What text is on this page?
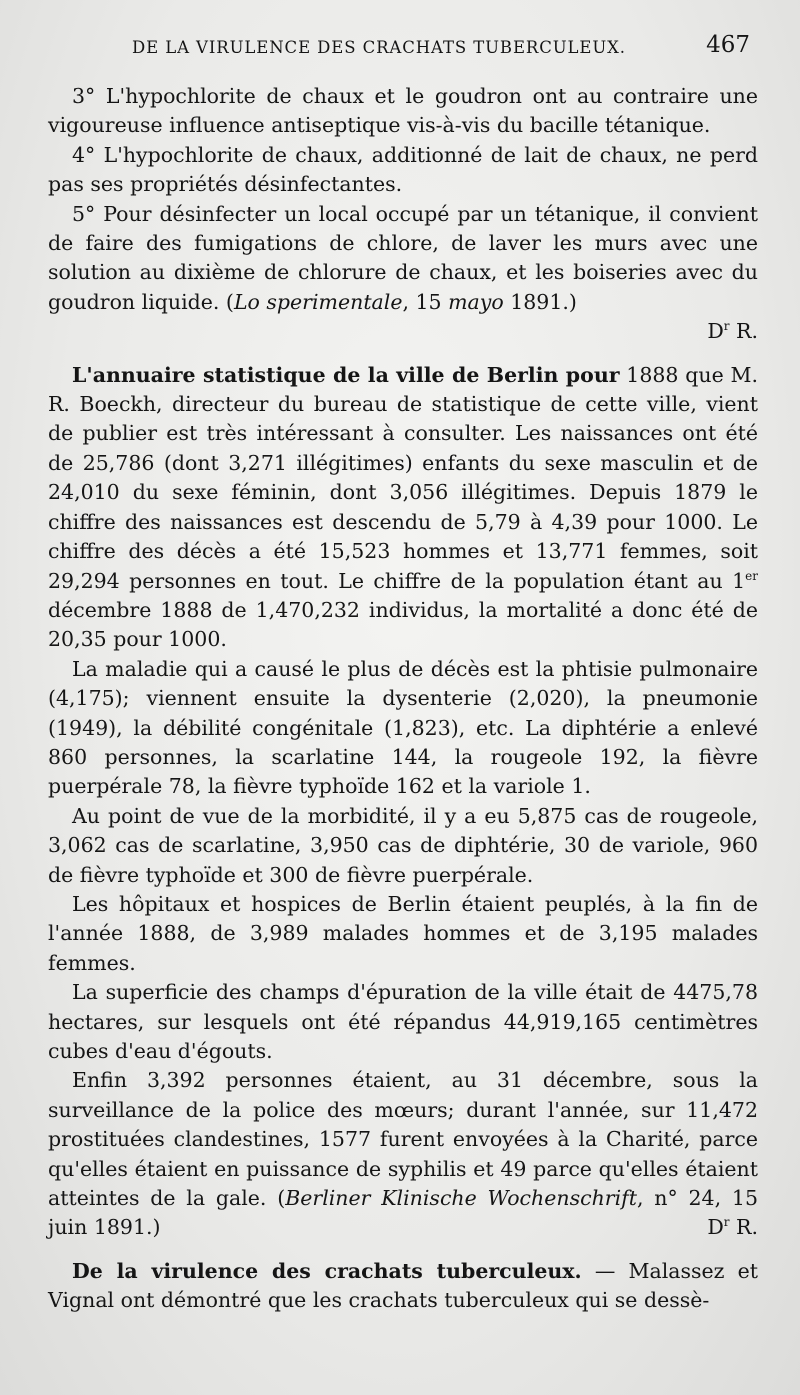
DE LA VIRULENCE DES CRACHATS TUBERCULEUX.	467

3° L'hypochlorite de chaux et le goudron ont au contraire une vigoureuse influence antiseptique vis-à-vis du bacille tétanique.

4° L'hypochlorite de chaux, additionné de lait de chaux, ne perd pas ses propriétés désinfectantes.

5° Pour désinfecter un local occupé par un tétanique, il convient de faire des fumigations de chlore, de laver les murs avec une solution au dixième de chlorure de chaux, et les boiseries avec du goudron liquide. (Lo sperimentale, 15 mayo 1891.)

$D^r$ R.

L'annuaire statistique de la ville de Berlin pour 1888 que M. R. Boeckh, directeur du bureau de statistique de cette ville, vient de publier est très intéressant à consulter. Les naissances ont été de 25,786 (dont 3,271 illégitimes) enfants du sexe masculin et de 24,010 du sexe féminin, dont 3,056 illégitimes. Depuis 1879 le chiffre des naissances est descendu de 5,79 à 4,39 pour 1000. Le chiffre des décès a été 15,523 hommes et 13,771 femmes, soit 29,294 personnes en tout. Le chiffre de la population étant au 1er décembre 1888 de 1,470,232 individus, la mortalité a donc été de 20,35 pour 1000.

La maladie qui a causé le plus de décès est la phtisie pulmonaire (4,175); viennent ensuite la dysenterie (2,020), la pneumonie (1949), la débilité congénitale (1,823), etc. La diphtérie a enlevé 860 personnes, la scarlatine 144, la rougeole 192, la fièvre puerpérale 78, la fièvre typhoïde 162 et la variole 1.

Au point de vue de la morbidité, il y a eu 5,875 cas de rougeole, 3,062 cas de scarlatine, 3,950 cas de diphtérie, 30 de variole, 960 de fièvre typhoïde et 300 de fièvre puerpérale.

Les hôpitaux et hospices de Berlin étaient peuplés, à la fin de l'année 1888, de 3,989 malades hommes et de 3,195 malades femmes.

La superficie des champs d'épuration de la ville était de 4475,78 hectares, sur lesquels ont été répandus 44,919,165 centimètres cubes d'eau d'égouts.

Enfin 3,392 personnes étaient, au 31 décembre, sous la surveillance de la police des mœurs; durant l'année, sur 11,472 prostituées clandestines, 1577 furent envoyées à la Charité, parce qu'elles étaient en puissance de syphilis et 49 parce qu'elles étaient atteintes de la gale. (Berliner Klinische Wochenschrift, n° 24, 15 juin 1891.)	$D^r$ R.

De la virulence des crachats tuberculeux. — Malassez et Vignal ont démontré que les crachats tuberculeux qui se dessè-
